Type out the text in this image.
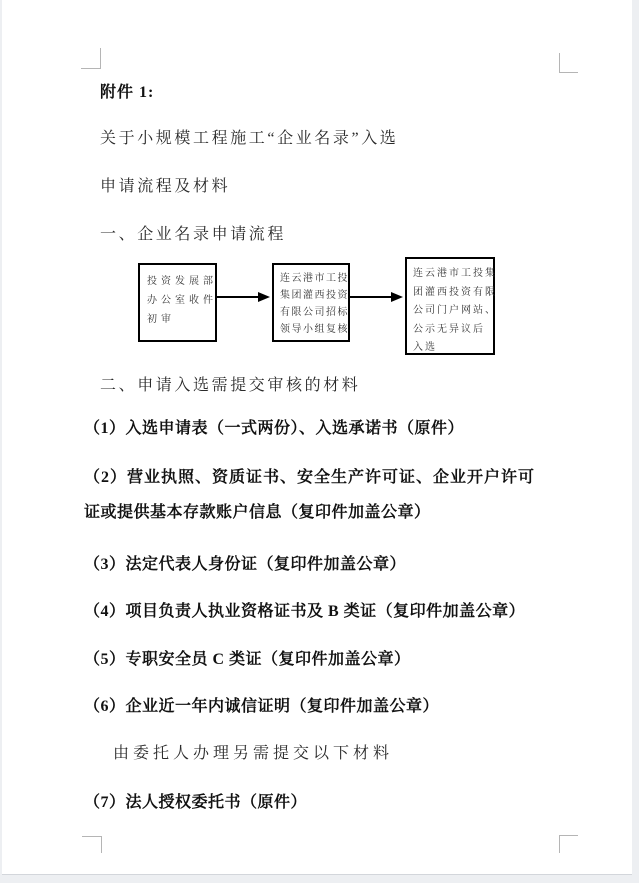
附件 1:
关于小规模工程施工“企业名录”入选
申请流程及材料
一、企业名录申请流程
投资发展部
办公室收件
初审
连云港市工投
集团灌西投资
有限公司招标
领导小组复核
连云港市工投集
团灌西投资有限
公司门户网站、
公示无异议后
入选
二、申请入选需提交审核的材料
（1）入选申请表（一式两份）、入选承诺书（原件）
（2）营业执照、资质证书、安全生产许可证、企业开户许可
证或提供基本存款账户信息（复印件加盖公章）
（3）法定代表人身份证（复印件加盖公章）
（4）项目负责人执业资格证书及 B 类证（复印件加盖公章）
（5）专职安全员 C 类证（复印件加盖公章）
（6）企业近一年内诚信证明（复印件加盖公章）
由委托人办理另需提交以下材料
（7）法人授权委托书（原件）
